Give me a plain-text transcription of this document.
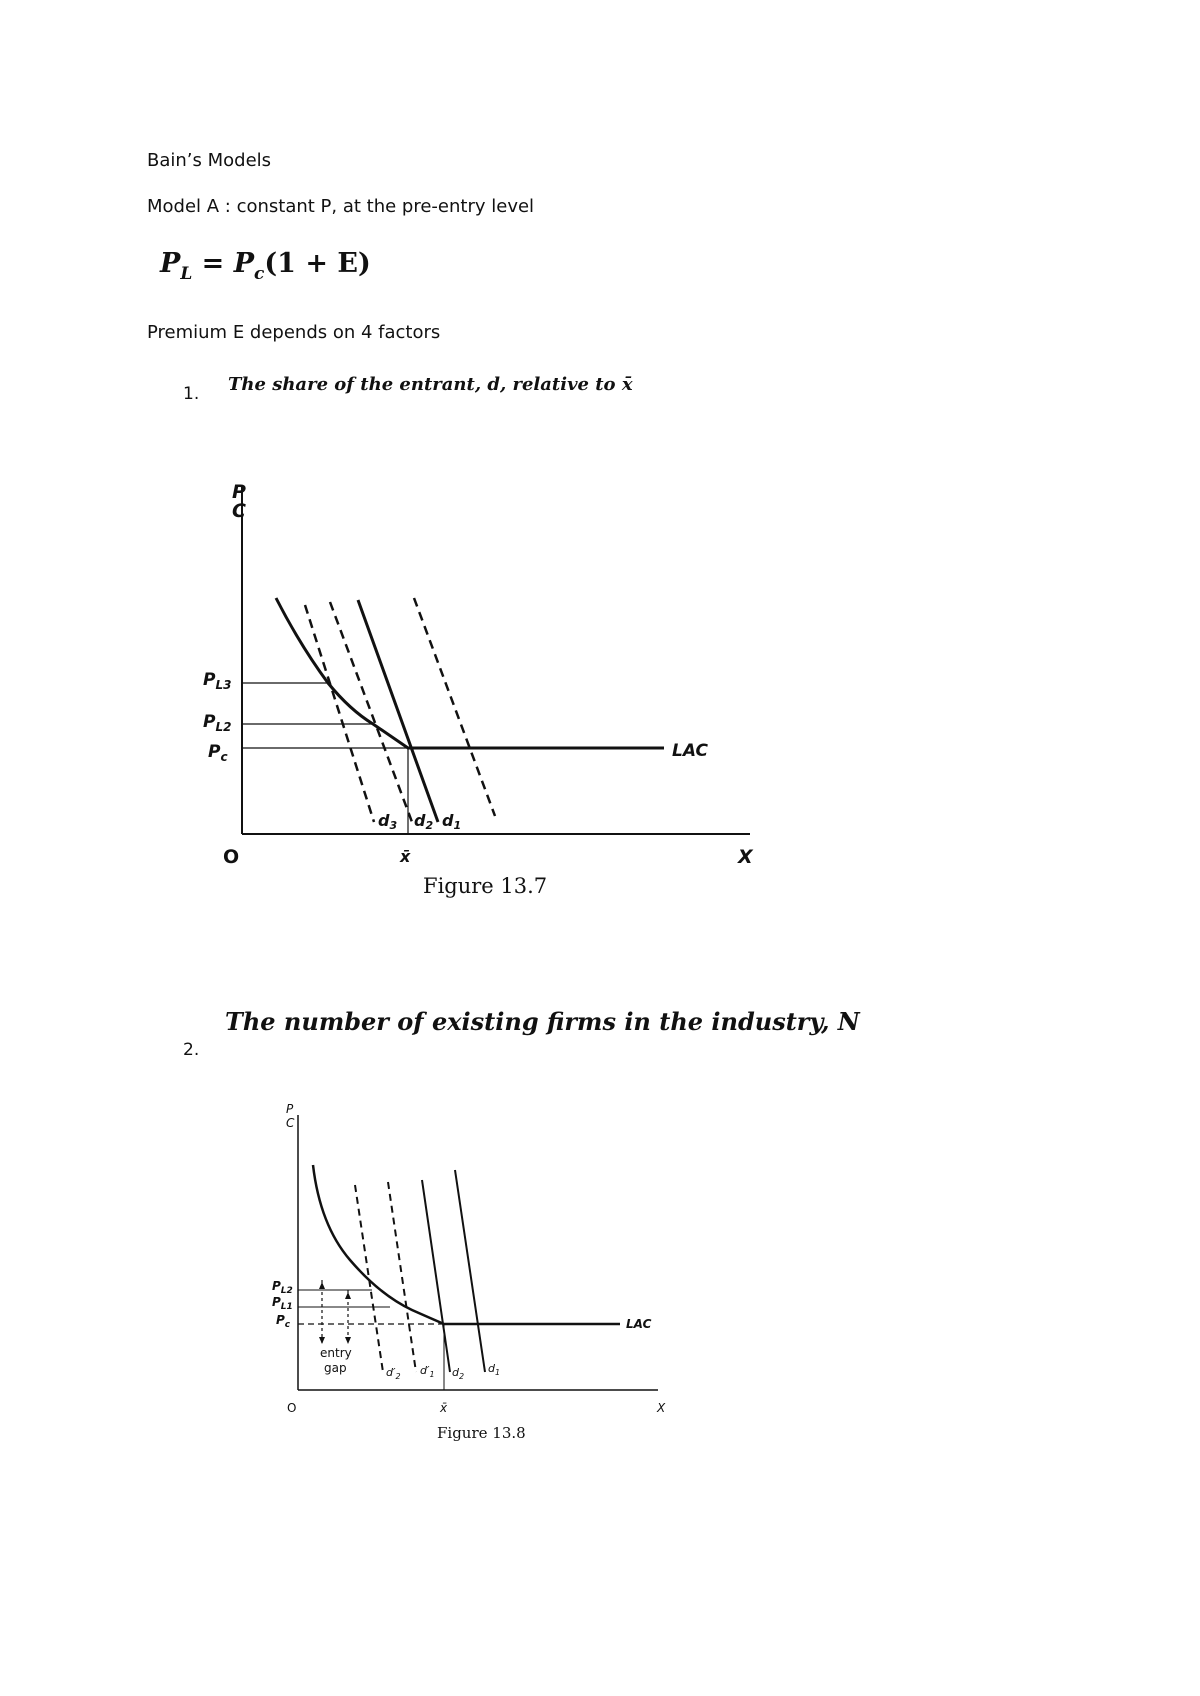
Bain’s Models
Model A : constant P, at the pre-entry level
$P_L = P_c(1 + E)$
Premium E depends on 4 factors
1. The share of the entrant, d, relative to x̄
2.
The number of existing firms in the industry, N
P
C
$P_{L3}$
$P_{L2}$
$P_c$	LAC
d3 d2 d1
O	x̄	X
Figure 13.7
P
C
$P_{L2}$
$P_{L1}$
$P_c$
entry
gap
LAC
$d'_2$ $d'_1$ $d_2$
$d_1$
O	x̄	X
Figure 13.8
